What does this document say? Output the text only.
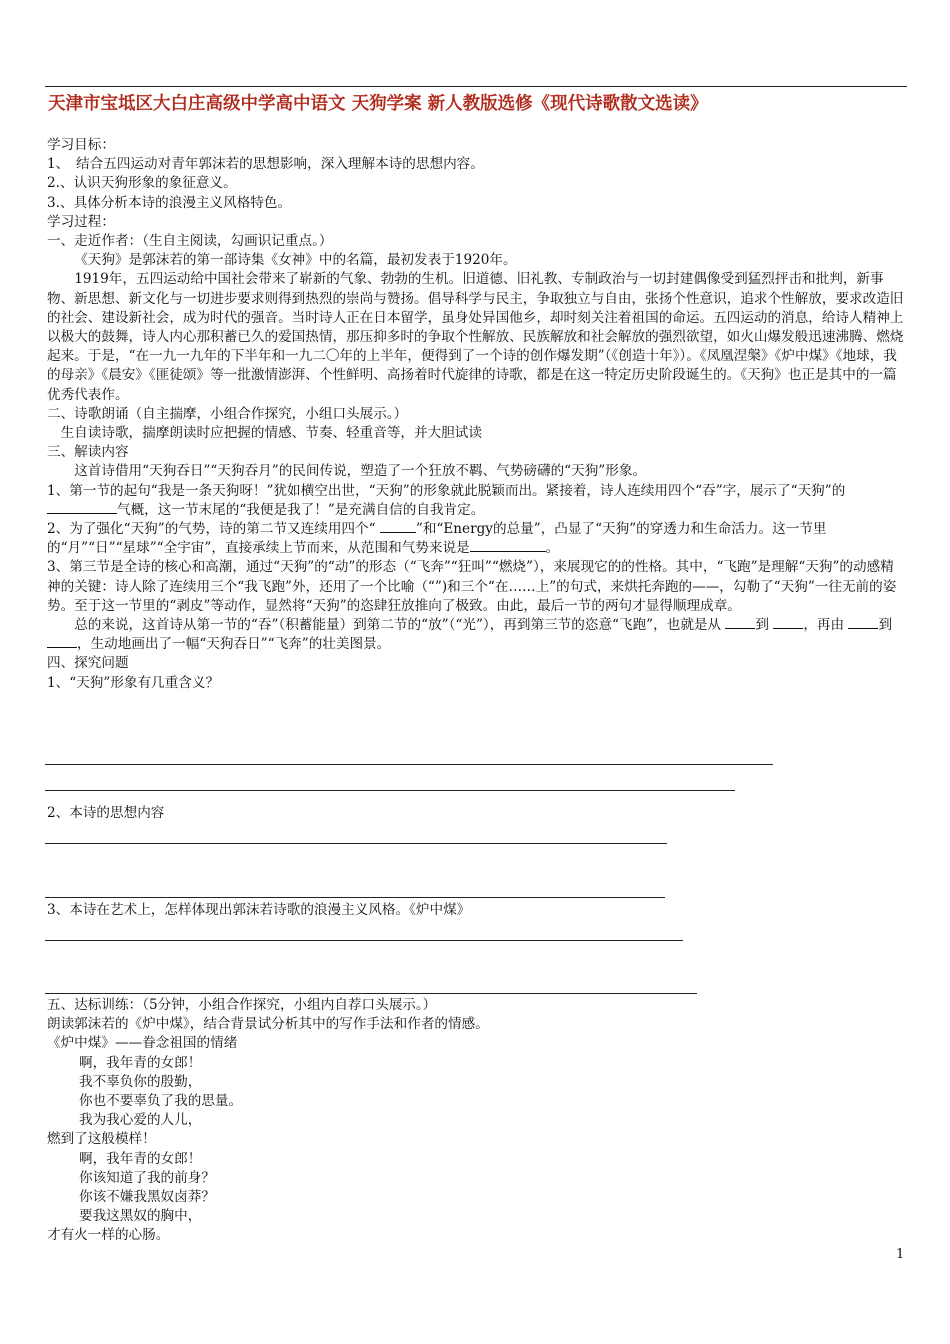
天津市宝坻区大白庄高级中学高中语文 天狗学案 新人教版选修《现代诗歌散文选读》

学习目标：

1、　结合五四运动对青年郭沫若的思想影响，深入理解本诗的思想内容。

2.、认识天狗形象的象征意义。

3.、具体分析本诗的浪漫主义风格特色。

学习过程：

一、走近作者：（生自主阅读，勾画识记重点。）

《天狗》是郭沫若的第一部诗集《女神》中的名篇，最初发表于1920年。

1919年，五四运动给中国社会带来了崭新的气象、勃勃的生机。旧道德、旧礼教、专制政治与一切封建偶像受到猛烈抨击和批判，新事物、新思想、新文化与一切进步要求则得到热烈的崇尚与赞扬。倡导科学与民主，争取独立与自由，张扬个性意识，追求个性解放，要求改造旧的社会、建设新社会，成为时代的强音。当时诗人正在日本留学，虽身处异国他乡，却时刻关注着祖国的命运。五四运动的消息，给诗人精神上以极大的鼓舞，诗人内心那积蓄已久的爱国热情，那压抑多时的争取个性解放、民族解放和社会解放的强烈欲望，如火山爆发般迅速沸腾、燃烧起来。于是，“在一九一九年的下半年和一九二〇年的上半年，便得到了一个诗的创作爆发期”（《创造十年》）。《凤凰涅槃》《炉中煤》《地球，我的母亲》《晨安》《匪徒颂》等一批激情澎湃、个性鲜明、高扬着时代旋律的诗歌，都是在这一特定历史阶段诞生的。《天狗》也正是其中的一篇优秀代表作。

二、诗歌朗诵（自主揣摩，小组合作探究，小组口头展示。）

生自读诗歌，揣摩朗读时应把握的情感、节奏、轻重音等，并大胆试读

三、解读内容

这首诗借用“天狗吞日”“天狗吞月”的民间传说，塑造了一个狂放不羁、气势磅礴的“天狗”形象。

1、第一节的起句“我是一条天狗呀！”犹如横空出世，“天狗”的形象就此脱颖而出。紧接着，诗人连续用四个“吞”字，展示了“天狗”的 气概，这一节末尾的“我便是我了！”是充满自信的自我肯定。

2、为了强化“天狗”的气势，诗的第二节又连续用四个“	”和“Energy的总量”，凸显了“天狗”的穿透力和生命活力。这一节里的“月”“日”“星球”“全宇宙”，直接承续上节而来，从范围和气势来说是	。

3、第三节是全诗的核心和高潮，通过“天狗”的“动”的形态（“飞奔”“狂叫”“燃烧”），来展现它的的性格。其中，“飞跑”是理解“天狗”的动感精神的关键：诗人除了连续用三个“我飞跑”外，还用了一个比喻（“”)和三个“在……上”的句式，来烘托奔跑的——，勾勒了“天狗”一往无前的姿势。至于这一节里的“剥皮”等动作，显然将“天狗”的恣肆狂放推向了极致。由此，最后一节的两句才显得顺理成章。

总的来说，这首诗从第一节的“吞”（积蓄能量）到第二节的“放”（“光”），再到第三节的恣意“飞跑”，也就是从 到 ，再由 到 ，生动地画出了一幅“天狗吞日”“飞奔”的壮美图景。

四、探究问题

1、“天狗”形象有几重含义？

2、本诗的思想内容

3、本诗在艺术上，怎样体现出郭沫若诗歌的浪漫主义风格。《炉中煤》

五、达标训练：（5分钟，小组合作探究，小组内自荐口头展示。）

朗读郭沫若的《炉中煤》，结合背景试分析其中的写作手法和作者的情感。

《炉中煤》——眷念祖国的情绪

啊，我年青的女郎！

我不辜负你的殷勤，

你也不要辜负了我的思量。

我为我心爱的人儿，

燃到了这般模样！

啊，我年青的女郎！

你该知道了我的前身？

你该不嫌我黑奴卤莽？

要我这黑奴的胸中，

才有火一样的心肠。

1
